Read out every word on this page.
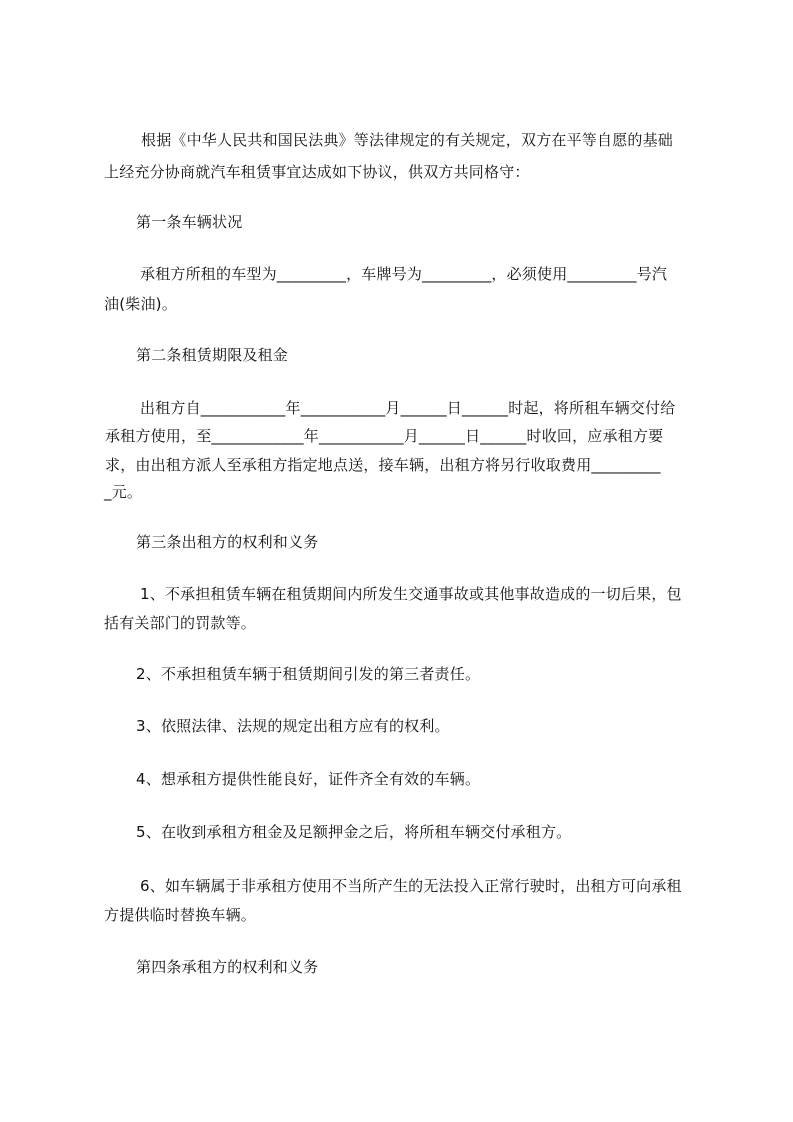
根据《中华人民共和国民法典》等法律规定的有关规定，双方在平等自愿的基础
上经充分协商就汽车租赁事宜达成如下协议，供双方共同格守：
第一条车辆状况
承租方所租的车型为_________，车牌号为_________，必须使用_________号汽
油(柴油)。
第二条租赁期限及租金
出租方自___________年___________月______日______时起，将所租车辆交付给
承租方使用，至____________年___________月______日______时收回，应承租方要
求，由出租方派人至承租方指定地点送，接车辆，出租方将另行收取费用_________
_元。
第三条出租方的权利和义务
1、不承担租赁车辆在租赁期间内所发生交通事故或其他事故造成的一切后果，包
括有关部门的罚款等。
2、不承担租赁车辆于租赁期间引发的第三者责任。
3、依照法律、法规的规定出租方应有的权利。
4、想承租方提供性能良好，证件齐全有效的车辆。
5、在收到承租方租金及足额押金之后，将所租车辆交付承租方。
6、如车辆属于非承租方使用不当所产生的无法投入正常行驶时，出租方可向承租
方提供临时替换车辆。
第四条承租方的权利和义务
